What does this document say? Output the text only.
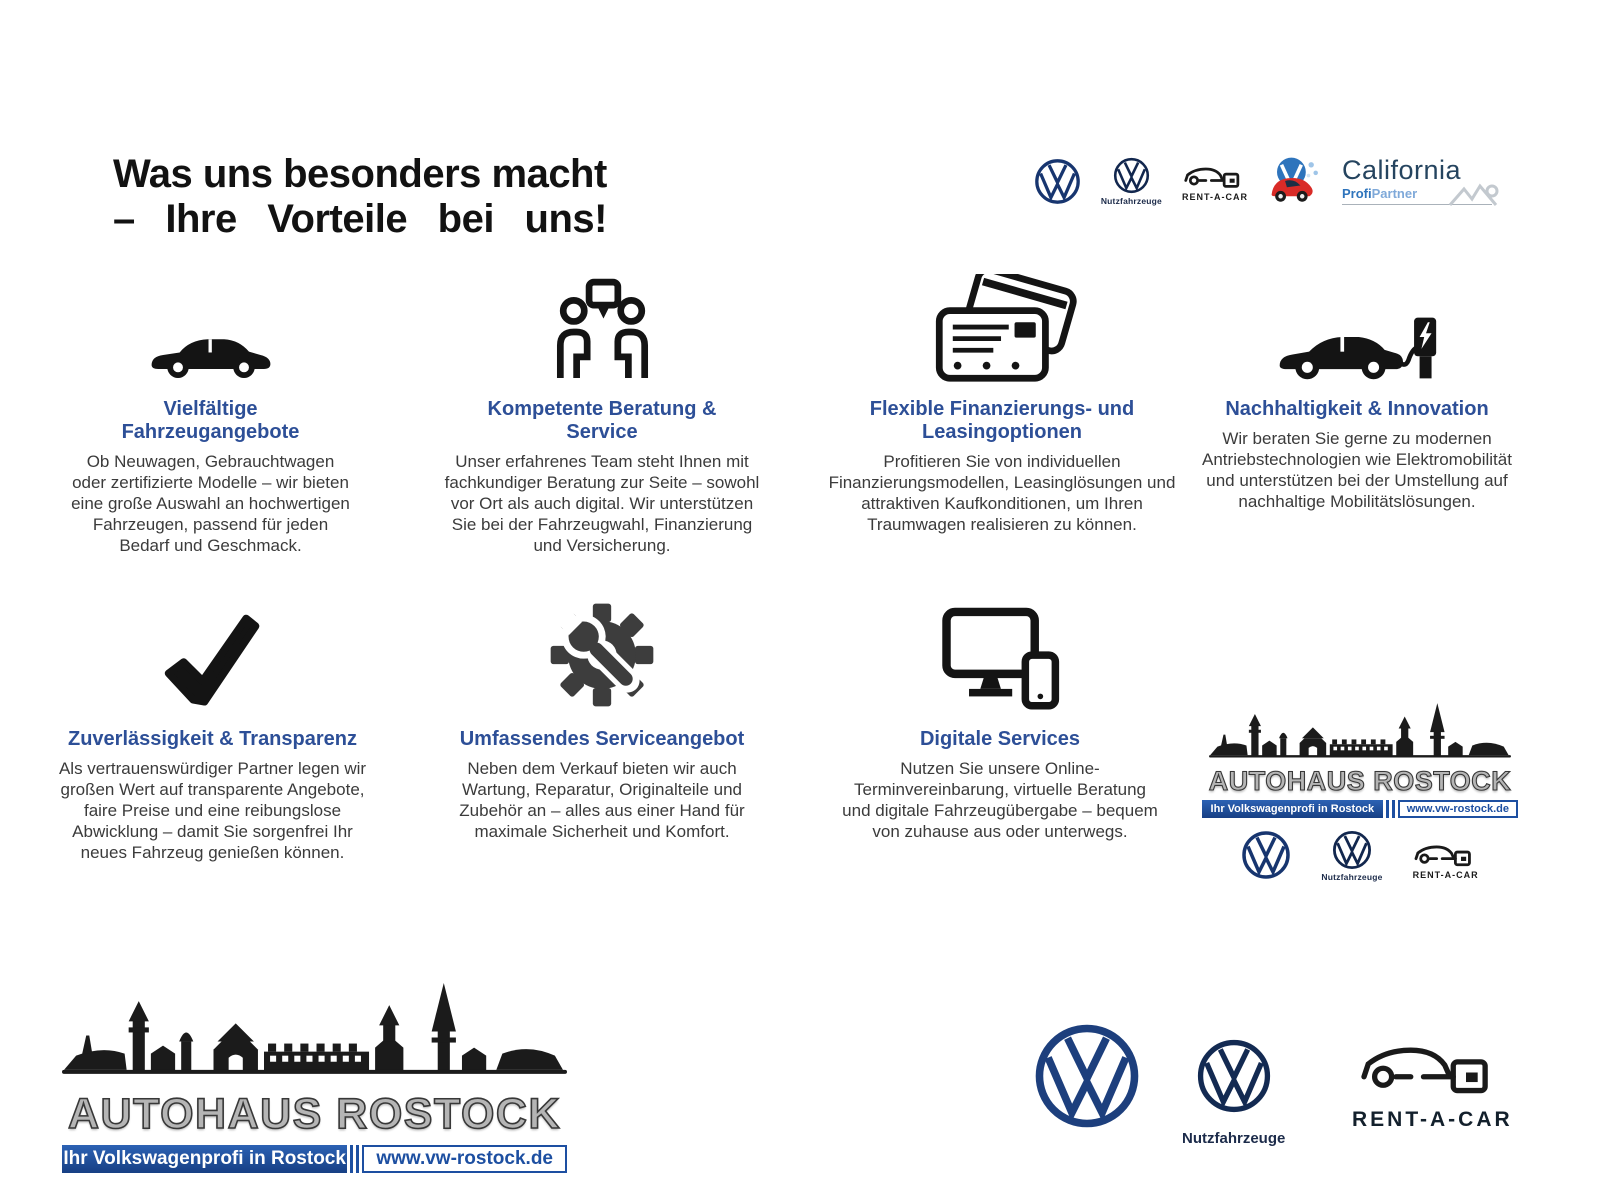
Was uns besonders macht
– Ihre Vorteile bei uns!	Nutzfahrzeuge RENT-A-CAR
California
ProfiPartner
Vielfältige Fahrzeugangebote
Ob Neuwagen, Gebrauchtwagen oder zertifizierte Modelle – wir bieten eine große Auswahl an hochwertigen Fahrzeugen, passend für jeden Bedarf und Geschmack.
Kompetente Beratung & Service
Unser erfahrenes Team steht Ihnen mit fachkundiger Beratung zur Seite – sowohl vor Ort als auch digital. Wir unterstützen Sie bei der Fahrzeugwahl, Finanzierung und Versicherung.
Flexible Finanzierungs- und Leasingoptionen
Profitieren Sie von individuellen Finanzierungsmodellen, Leasinglösungen und attraktiven Kaufkonditionen, um Ihren Traumwagen realisieren zu können.
Nachhaltigkeit & Innovation
Wir beraten Sie gerne zu modernen Antriebstechnologien wie Elektromobilität und unterstützen bei der Umstellung auf nachhaltige Mobilitätslösungen.
Zuverlässigkeit & Transparenz
Als vertrauenswürdiger Partner legen wir großen Wert auf transparente Angebote, faire Preise und eine reibungslose Abwicklung – damit Sie sorgenfrei Ihr neues Fahrzeug genießen können.
Umfassendes Serviceangebot
Neben dem Verkauf bieten wir auch Wartung, Reparatur, Originalteile und Zubehör an – alles aus einer Hand für maximale Sicherheit und Komfort.
Digitale Services
Nutzen Sie unsere Online-Terminvereinbarung, virtuelle Beratung und digitale Fahrzeugübergabe – bequem von zuhause aus oder unterwegs.
AUTOHAUS ROSTOCK
Ihr Volkswagenprofi in Rostock	www.vw-rostock.de
Nutzfahrzeuge	RENT-A-CAR
AUTOHAUS ROSTOCK
Ihr Volkswagenprofi in Rostock	www.vw-rostock.de
Nutzfahrzeuge
RENT-A-CAR
